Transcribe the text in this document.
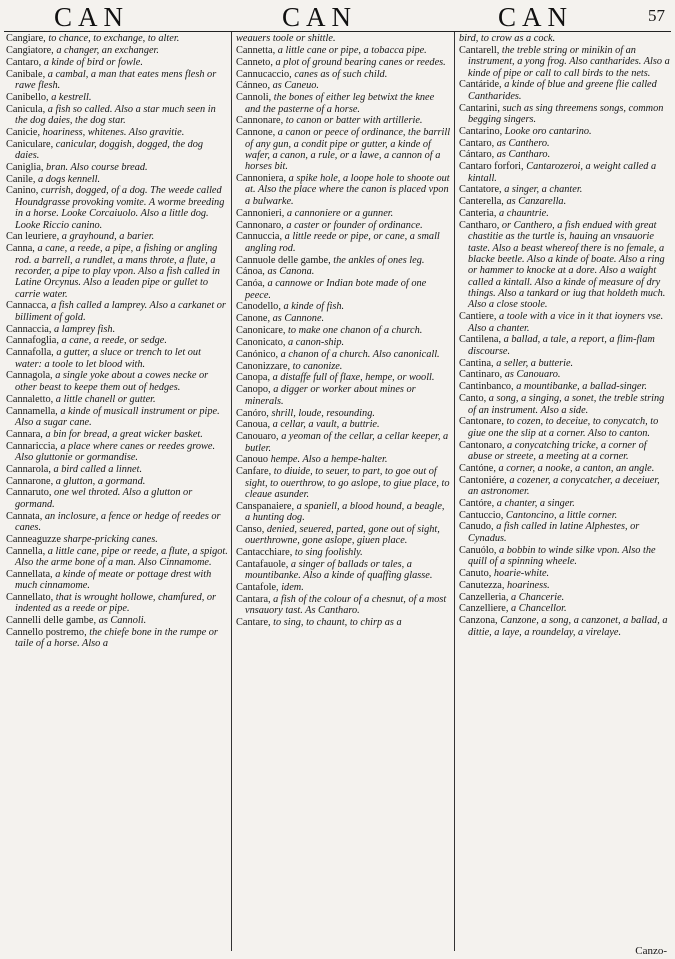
CAN	CAN	CAN	57
Cangiare, to chance, to exchange, to alter.
Cangiatore, a changer, an exchanger.
Cantaro, a kinde of bird or fowle.
Canibale, a cambal, a man that eates mens flesh or rawe flesh.
Canibello, a kestrell.
Canicula, a fish so called. Also a star much seen in the dog daies, the dog star.
Canicie, hoariness, whitenes. Also gravitie.
Caniculare, canicular, doggish, dogged, the dog daies.
Caniglia, bran. Also course bread.
Canile, a dogs kennell.
Canino, currish, dogged, of a dog. The weede called Houndgrasse provoking vomite. A worme breeding in a horse. Looke Corcaiuolo. Also a little dog. Looke Riccio canino.
Can leuriere, a grayhound, a barier.
Canna, a cane, a reede, a pipe, a fishing or angling rod. a barrell, a rundlet, a mans throte, a flute, a recorder, a pipe to play vpon. Also a fish called in Latine Orcynus. Also a leaden pipe or gullet to carrie water.
Cannacca, a fish called a lamprey. Also a carkanet or billiment of gold.
Cannaccia, a lamprey fish.
Cannafoglia, a cane, a reede, or sedge.
Cannafolla, a gutter, a sluce or trench to let out water: a toole to let blood with.
Cannagola, a single yoke about a cowes necke or other beast to keepe them out of hedges.
Cannaletto, a little chanell or gutter.
Cannamella, a kinde of musicall instrument or pipe. Also a sugar cane.
Cannara, a bin for bread, a great wicker basket.
Cannariccia, a place where canes or reedes growe. Also gluttonie or gormandise.
Cannarola, a bird called a linnet.
Cannarone, a glutton, a gormand.
Cannaruto, one wel throted. Also a glutton or gormand.
Cannata, an inclosure, a fence or hedge of reedes or canes.
Canneaguzze sharpe-pricking canes.
Cannella, a little cane, pipe or reede, a flute, a spigot. Also the arme bone of a man. Also Cinnamome.
Cannellata, a kinde of meate or pottage drest with much cinnamome.
Cannellato, that is wrought hollowe, chamfured, or indented as a reede or pipe.
Cannelli delle gambe, as Cannoli.
Cannello postremo, the chiefe bone in the rumpe or taile of a horse. Also a
weauers toole or shittle.
Cannetta, a little cane or pipe, a tobacca pipe.
Canneto, a plot of ground bearing canes or reedes.
Cannucaccio, canes as of such child.
Cánneo, as Caneuo.
Cannoli, the bones of either leg betwixt the knee and the pasterne of a horse.
Cannonare, to canon or batter with artillerie.
Cannone, a canon or peece of ordinance, the barrill of any gun, a condit pipe or gutter, a kinde of wafer, a canon, a rule, or a lawe, a cannon of a horses bit.
Cannoniera, a spike hole, a loope hole to shoote out at. Also the place where the canon is placed vpon a bulwarke.
Cannonieri, a cannoniere or a gunner.
Cannonaro, a caster or founder of ordinance.
Cannuccia, a little reede or pipe, or cane, a small angling rod.
Cannuole delle gambe, the ankles of ones leg.
Cánoa, as Canona.
Canóa, a cannowe or Indian bote made of one peece.
Canodello, a kinde of fish.
Canone, as Cannone.
Canonicare, to make one chanon of a church.
Canonicato, a canon-ship.
Canónico, a chanon of a church. Also canonicall.
Canonizzare, to canonize.
Canopa, a distaffe full of flaxe, hempe, or wooll.
Canopo, a digger or worker about mines or minerals.
Canóro, shrill, loude, resounding.
Canoua, a cellar, a vault, a buttrie.
Canouaro, a yeoman of the cellar, a cellar keeper, a butler.
Canouo hempe. Also a hempe-halter.
Canfare, to diuide, to seuer, to part, to goe out of sight, to ouerthrow, to go aslope, to giue place, to cleaue asunder.
Canspanaiere, a spaniell, a blood hound, a beagle, a hunting dog.
Canso, denied, seuered, parted, gone out of sight, ouerthrowne, gone aslope, giuen place.
Cantacchiare, to sing foolishly.
Cantafauole, a singer of ballads or tales, a mountibanke. Also a kinde of quaffing glasse.
Cantafole, idem.
Cantara, a fish of the colour of a chesnut, of a most vnsauory tast. As Cantharo.
Cantare, to sing, to chaunt, to chirp as a
bird, to crow as a cock.
Cantarell, the treble string or minikin of an instrument, a yong frog. Also cantharides. Also a kinde of pipe or call to call birds to the nets.
Cantáride, a kinde of blue and greene flie called Cantharides.
Cantarini, such as sing threemens songs, common begging singers.
Cantarino, Looke oro cantarino.
Cantaro, as Canthero.
Cántaro, as Cantharo.
Cantaro forfori, Cantarozeroi, a weight called a kintall.
Cantatore, a singer, a chanter.
Canterella, as Canzarella.
Canteria, a chauntrie.
Cantharo, or Canthero, a fish endued with great chastitie as the turtle is, hauing an vnsauorie taste. Also a beast whereof there is no female, a blacke beetle. Also a kinde of boate. Also a ring or hammer to knocke at a dore. Also a waight called a kintall. Also a kinde of measure of dry things. Also a tankard or iug that holdeth much. Also a close stoole.
Cantiere, a toole with a vice in it that ioyners vse. Also a chanter.
Cantilena, a ballad, a tale, a report, a flim-flam discourse.
Cantina, a seller, a butterie.
Cantinaro, as Canouaro.
Cantinbanco, a mountibanke, a ballad-singer.
Canto, a song, a singing, a sonet, the treble string of an instrument. Also a side.
Cantonare, to cozen, to deceiue, to conycatch, to giue one the slip at a corner. Also to canton.
Cantonaro, a conycatching tricke, a corner of abuse or streete, a meeting at a corner.
Cantóne, a corner, a nooke, a canton, an angle.
Cantoniére, a cozener, a conycatcher, a deceiuer, an astronomer.
Cantóre, a chanter, a singer.
Cantuccio, Cantoncino, a little corner.
Canudo, a fish called in latine Alphestes, or Cynadus.
Canuólo, a bobbin to winde silke vpon. Also the quill of a spinning wheele.
Canuto, hoarie-white.
Canutezza, hoariness.
Canzelleria, a Chancerie.
Canzelliere, a Chancellor.
Canzona, Canzone, a song, a canzonet, a ballad, a dittie, a laye, a roundelay, a virelaye.
Canzo-
